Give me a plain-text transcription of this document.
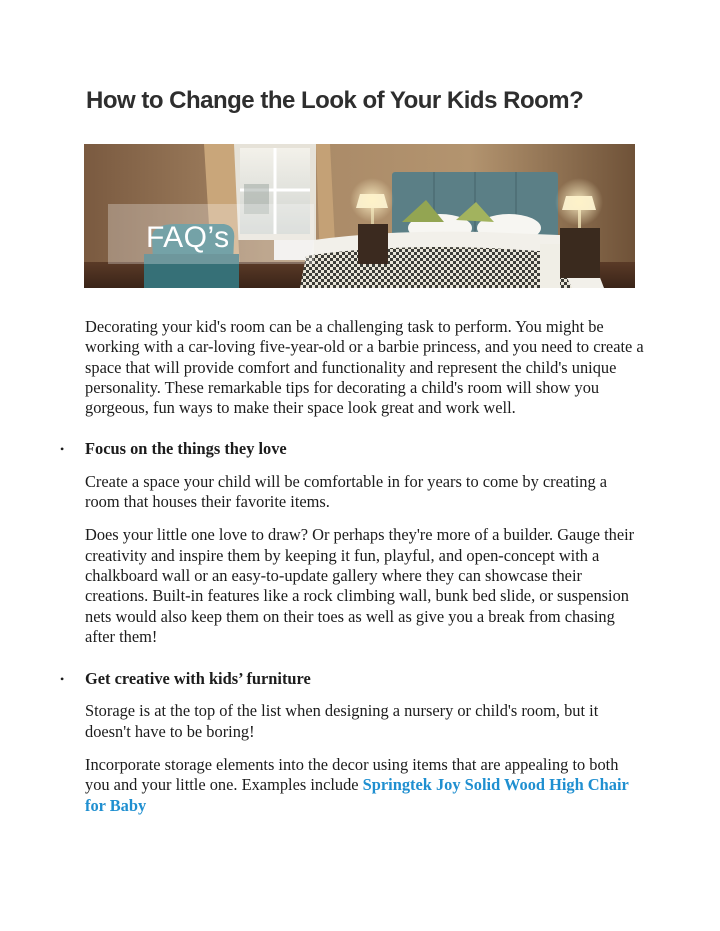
How to Change the Look of Your Kids Room?
FAQ’s

Decorating your kid's room can be a challenging task to perform. You might be working with a car-loving five-year-old or a barbie princess, and you need to create a space that will provide comfort and functionality and represent the child's unique personality. These remarkable tips for decorating a child's room will show you gorgeous, fun ways to make their space look great and work well.

• Focus on the things they love

Create a space your child will be comfortable in for years to come by creating a room that houses their favorite items.

Does your little one love to draw? Or perhaps they're more of a builder. Gauge their creativity and inspire them by keeping it fun, playful, and open-concept with a chalkboard wall or an easy-to-update gallery where they can showcase their creations. Built-in features like a rock climbing wall, bunk bed slide, or suspension nets would also keep them on their toes as well as give you a break from chasing after them!

• Get creative with kids’ furniture

Storage is at the top of the list when designing a nursery or child's room, but it doesn't have to be boring!

Incorporate storage elements into the decor using items that are appealing to both you and your little one. Examples include Springtek Joy Solid Wood High Chair for Baby
